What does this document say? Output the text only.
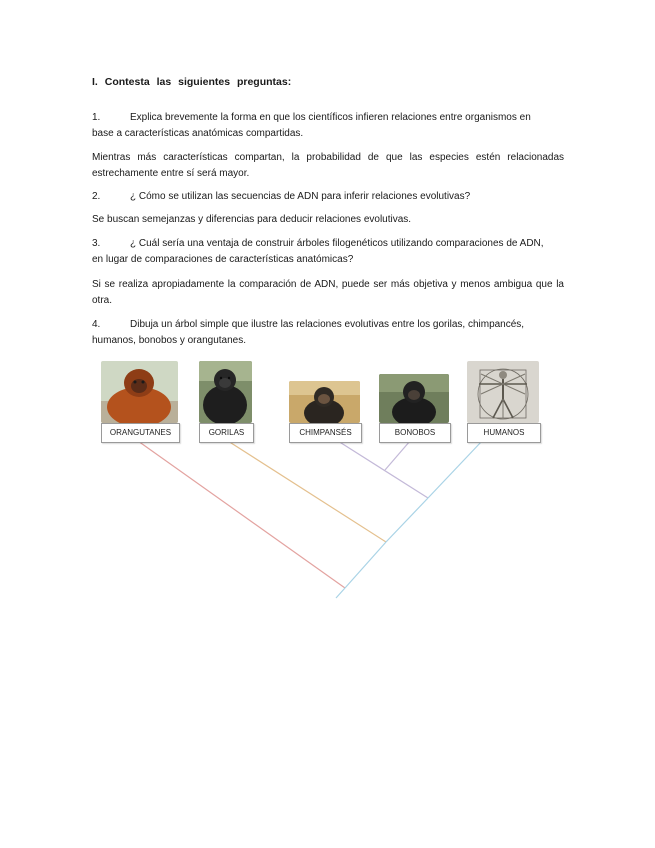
I. Contesta las siguientes preguntas:
1.	Explica brevemente la forma en que los científicos infieren relaciones entre organismos en
base a características anatómicas compartidas.
Mientras más características compartan, la probabilidad de que las especies estén relacionadas estrechamente entre sí será mayor.
2.	¿ Cómo se utilizan las secuencias de ADN para inferir relaciones evolutivas?
Se buscan semejanzas y diferencias para deducir relaciones evolutivas.
3.	¿ Cuál sería una ventaja de construir árboles filogenéticos utilizando comparaciones de ADN,
en lugar de comparaciones de características anatómicas?
Si se realiza apropiadamente la comparación de ADN, puede ser más objetiva y menos ambigua que la otra.
4.	Dibuja un árbol simple que ilustre las relaciones evolutivas entre los gorilas, chimpancés,
humanos, bonobos y orangutanes.
ORANGUTANES	GORILAS	CHIMPANSÉS	BONOBOS	HUMANOS
